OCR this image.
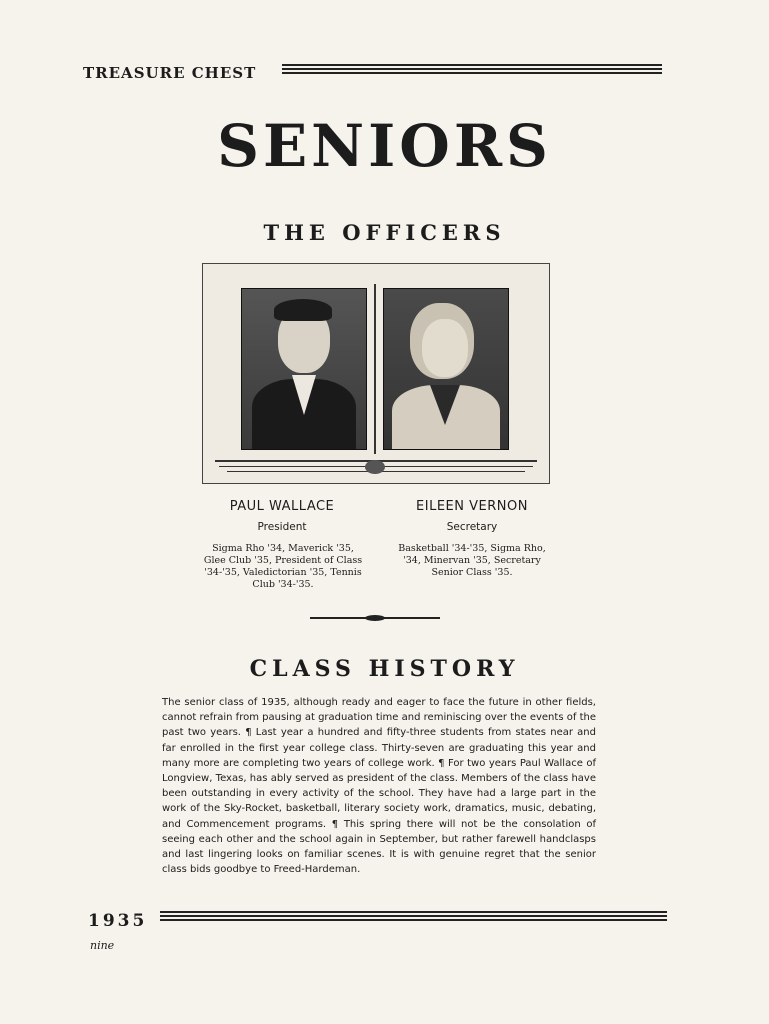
TREASURE CHEST
SENIORS
THE OFFICERS
PAUL WALLACE
President
Sigma Rho '34, Maverick '35, Glee Club '35, President of Class '34-'35, Valedictorian '35, Tennis Club '34-'35.
EILEEN VERNON
Secretary
Basketball '34-'35, Sigma Rho, '34, Minervan '35, Secretary Senior Class '35.
CLASS HISTORY
The senior class of 1935, although ready and eager to face the future in other fields, cannot refrain from pausing at graduation time and reminiscing over the events of the past two years. ¶ Last year a hundred and fifty-three students from states near and far enrolled in the first year college class. Thirty-seven are graduating this year and many more are completing two years of college work. ¶ For two years Paul Wallace of Longview, Texas, has ably served as president of the class. Members of the class have been outstanding in every activity of the school. They have had a large part in the work of the Sky-Rocket, basketball, literary society work, dramatics, music, debating, and Commencement programs. ¶ This spring there will not be the consolation of seeing each other and the school again in September, but rather farewell handclasps and last lingering looks on familiar scenes. It is with genuine regret that the senior class bids goodbye to Freed-Hardeman.
1935
nine
